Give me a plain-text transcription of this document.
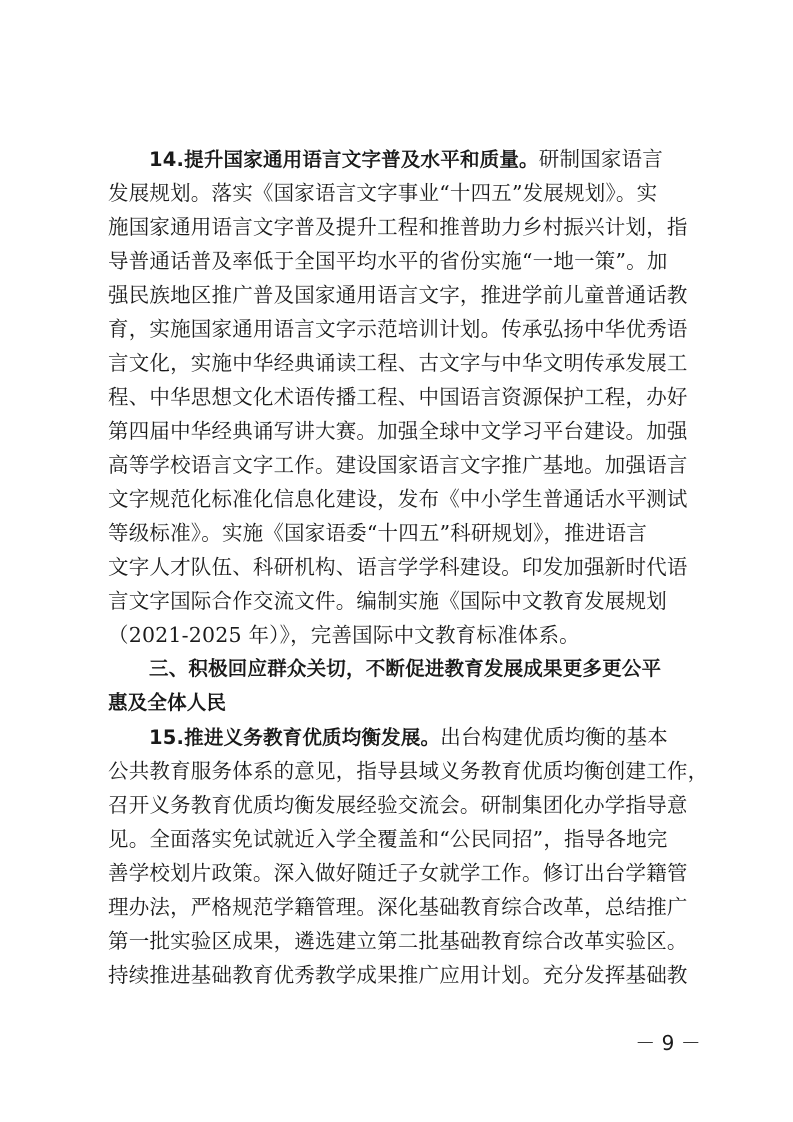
14.提升国家通用语言文字普及水平和质量。研制国家语言
发展规划。落实《国家语言文字事业“十四五”发展规划》。实
施国家通用语言文字普及提升工程和推普助力乡村振兴计划，指
导普通话普及率低于全国平均水平的省份实施“一地一策”。加
强民族地区推广普及国家通用语言文字，推进学前儿童普通话教
育，实施国家通用语言文字示范培训计划。传承弘扬中华优秀语
言文化，实施中华经典诵读工程、古文字与中华文明传承发展工
程、中华思想文化术语传播工程、中国语言资源保护工程，办好
第四届中华经典诵写讲大赛。加强全球中文学习平台建设。加强
高等学校语言文字工作。建设国家语言文字推广基地。加强语言
文字规范化标准化信息化建设，发布《中小学生普通话水平测试
等级标准》。实施《国家语委“十四五”科研规划》，推进语言
文字人才队伍、科研机构、语言学学科建设。印发加强新时代语
言文字国际合作交流文件。编制实施《国际中文教育发展规划
（2021-2025 年）》，完善国际中文教育标准体系。
三、积极回应群众关切，不断促进教育发展成果更多更公平
惠及全体人民
15.推进义务教育优质均衡发展。出台构建优质均衡的基本
公共教育服务体系的意见，指导县域义务教育优质均衡创建工作，
召开义务教育优质均衡发展经验交流会。研制集团化办学指导意
见。全面落实免试就近入学全覆盖和“公民同招”，指导各地完
善学校划片政策。深入做好随迁子女就学工作。修订出台学籍管
理办法，严格规范学籍管理。深化基础教育综合改革，总结推广
第一批实验区成果，遴选建立第二批基础教育综合改革实验区。
持续推进基础教育优秀教学成果推广应用计划。充分发挥基础教
－ 9 －
